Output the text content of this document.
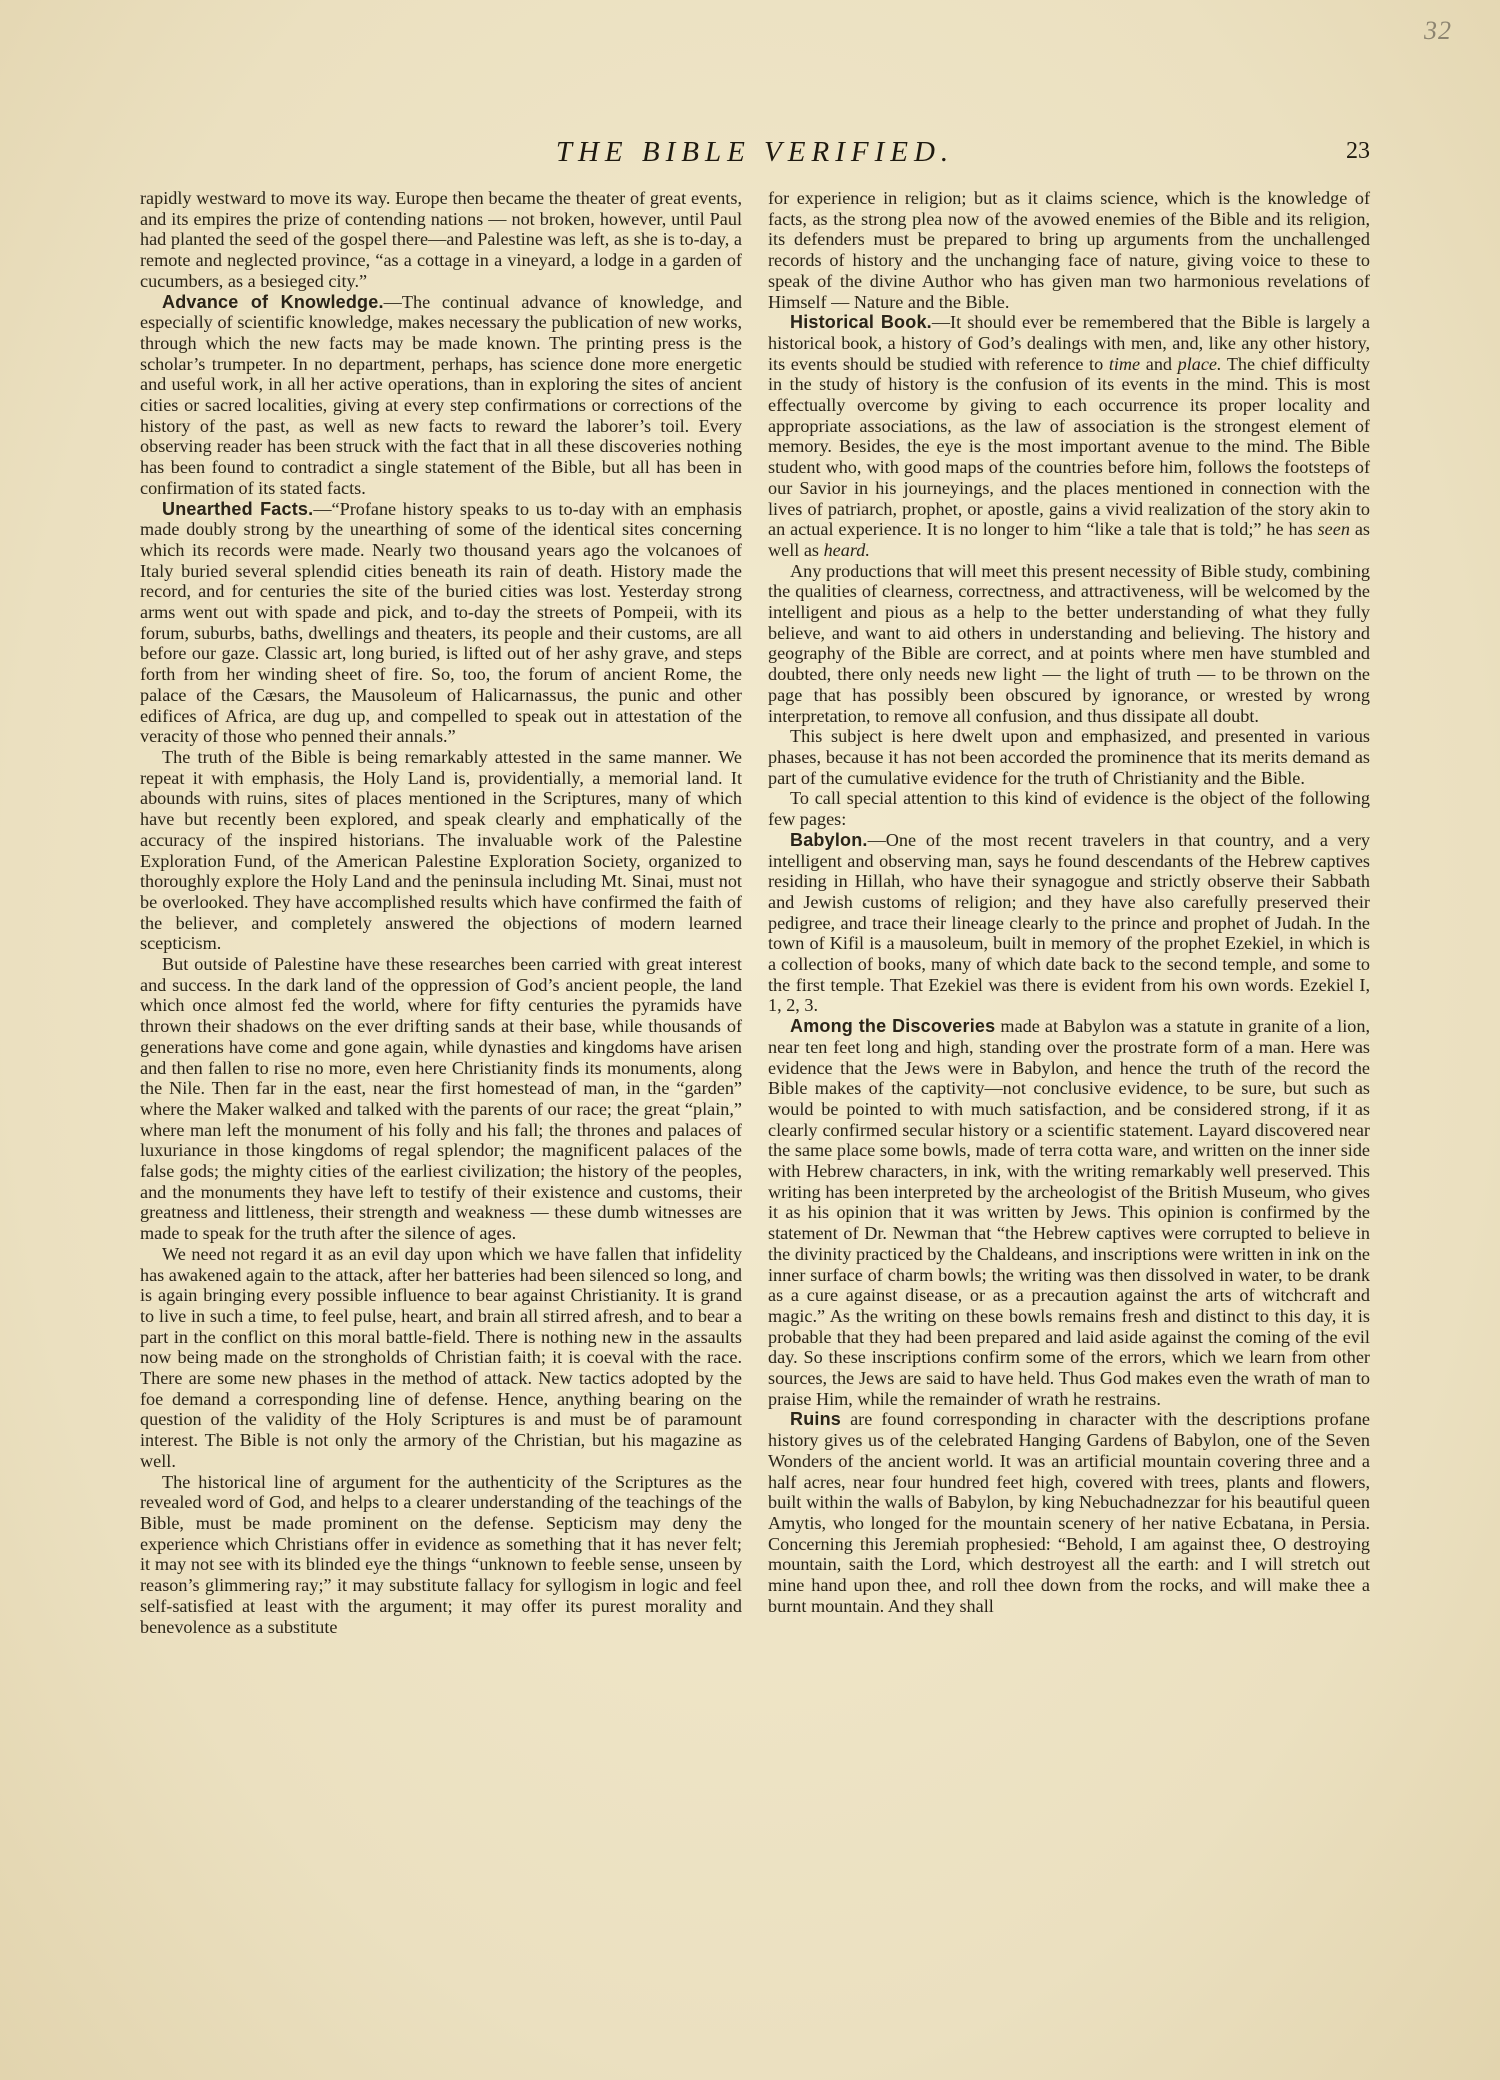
32
THE BIBLE VERIFIED.	23

rapidly westward to move its way. Europe then became the theater of great events, and its empires the prize of contending nations — not broken, however, until Paul had planted the seed of the gospel there—and Palestine was left, as she is to-day, a remote and neglected province, “as a cottage in a vineyard, a lodge in a garden of cucumbers, as a besieged city.”

Advance of Knowledge.—The continual advance of knowledge, and especially of scientific knowledge, makes necessary the publication of new works, through which the new facts may be made known. The printing press is the scholar’s trumpeter. In no department, perhaps, has science done more energetic and useful work, in all her active operations, than in exploring the sites of ancient cities or sacred localities, giving at every step confirmations or corrections of the history of the past, as well as new facts to reward the laborer’s toil. Every observing reader has been struck with the fact that in all these discoveries nothing has been found to contradict a single statement of the Bible, but all has been in confirmation of its stated facts.

Unearthed Facts.—“Profane history speaks to us to-day with an emphasis made doubly strong by the unearthing of some of the identical sites concerning which its records were made. Nearly two thousand years ago the volcanoes of Italy buried several splendid cities beneath its rain of death. History made the record, and for centuries the site of the buried cities was lost. Yesterday strong arms went out with spade and pick, and to-day the streets of Pompeii, with its forum, suburbs, baths, dwellings and theaters, its people and their customs, are all before our gaze. Classic art, long buried, is lifted out of her ashy grave, and steps forth from her winding sheet of fire. So, too, the forum of ancient Rome, the palace of the Cæsars, the Mausoleum of Halicarnassus, the punic and other edifices of Africa, are dug up, and compelled to speak out in attestation of the veracity of those who penned their annals.”

The truth of the Bible is being remarkably attested in the same manner. We repeat it with emphasis, the Holy Land is, providentially, a memorial land. It abounds with ruins, sites of places mentioned in the Scriptures, many of which have but recently been explored, and speak clearly and emphatically of the accuracy of the inspired historians. The invaluable work of the Palestine Exploration Fund, of the American Palestine Exploration Society, organized to thoroughly explore the Holy Land and the peninsula including Mt. Sinai, must not be overlooked. They have accomplished results which have confirmed the faith of the believer, and completely answered the objections of modern learned scepticism.

But outside of Palestine have these researches been carried with great interest and success. In the dark land of the oppression of God’s ancient people, the land which once almost fed the world, where for fifty centuries the pyramids have thrown their shadows on the ever drifting sands at their base, while thousands of generations have come and gone again, while dynasties and kingdoms have arisen and then fallen to rise no more, even here Christianity finds its monuments, along the Nile. Then far in the east, near the first homestead of man, in the “garden” where the Maker walked and talked with the parents of our race; the great “plain,” where man left the monument of his folly and his fall; the thrones and palaces of luxuriance in those kingdoms of regal splendor; the magnificent palaces of the false gods; the mighty cities of the earliest civilization; the history of the peoples, and the monuments they have left to testify of their existence and customs, their greatness and littleness, their strength and weakness — these dumb witnesses are made to speak for the truth after the silence of ages.

We need not regard it as an evil day upon which we have fallen that infidelity has awakened again to the attack, after her batteries had been silenced so long, and is again bringing every possible influence to bear against Christianity. It is grand to live in such a time, to feel pulse, heart, and brain all stirred afresh, and to bear a part in the conflict on this moral battle-field. There is nothing new in the assaults now being made on the strongholds of Christian faith; it is coeval with the race. There are some new phases in the method of attack. New tactics adopted by the foe demand a corresponding line of defense. Hence, anything bearing on the question of the validity of the Holy Scriptures is and must be of paramount interest. The Bible is not only the armory of the Christian, but his magazine as well.

The historical line of argument for the authenticity of the Scriptures as the revealed word of God, and helps to a clearer understanding of the teachings of the Bible, must be made prominent on the defense. Septicism may deny the experience which Christians offer in evidence as something that it has never felt; it may not see with its blinded eye the things “unknown to feeble sense, unseen by reason’s glimmering ray;” it may substitute fallacy for syllogism in logic and feel self-satisfied at least with the argument; it may offer its purest morality and benevolence as a substitute

for experience in religion; but as it claims science, which is the knowledge of facts, as the strong plea now of the avowed enemies of the Bible and its religion, its defenders must be prepared to bring up arguments from the unchallenged records of history and the unchanging face of nature, giving voice to these to speak of the divine Author who has given man two harmonious revelations of Himself — Nature and the Bible.

Historical Book.—It should ever be remembered that the Bible is largely a historical book, a history of God’s dealings with men, and, like any other history, its events should be studied with reference to time and place. The chief difficulty in the study of history is the confusion of its events in the mind. This is most effectually overcome by giving to each occurrence its proper locality and appropriate associations, as the law of association is the strongest element of memory. Besides, the eye is the most important avenue to the mind. The Bible student who, with good maps of the countries before him, follows the footsteps of our Savior in his journeyings, and the places mentioned in connection with the lives of patriarch, prophet, or apostle, gains a vivid realization of the story akin to an actual experience. It is no longer to him “like a tale that is told;” he has seen as well as heard.

Any productions that will meet this present necessity of Bible study, combining the qualities of clearness, correctness, and attractiveness, will be welcomed by the intelligent and pious as a help to the better understanding of what they fully believe, and want to aid others in understanding and believing. The history and geography of the Bible are correct, and at points where men have stumbled and doubted, there only needs new light — the light of truth — to be thrown on the page that has possibly been obscured by ignorance, or wrested by wrong interpretation, to remove all confusion, and thus dissipate all doubt.

This subject is here dwelt upon and emphasized, and presented in various phases, because it has not been accorded the prominence that its merits demand as part of the cumulative evidence for the truth of Christianity and the Bible.

To call special attention to this kind of evidence is the object of the following few pages:

Babylon.—One of the most recent travelers in that country, and a very intelligent and observing man, says he found descendants of the Hebrew captives residing in Hillah, who have their synagogue and strictly observe their Sabbath and Jewish customs of religion; and they have also carefully preserved their pedigree, and trace their lineage clearly to the prince and prophet of Judah. In the town of Kifil is a mausoleum, built in memory of the prophet Ezekiel, in which is a collection of books, many of which date back to the second temple, and some to the first temple. That Ezekiel was there is evident from his own words. Ezekiel I, 1, 2, 3.

Among the Discoveries made at Babylon was a statute in granite of a lion, near ten feet long and high, standing over the prostrate form of a man. Here was evidence that the Jews were in Babylon, and hence the truth of the record the Bible makes of the captivity—not conclusive evidence, to be sure, but such as would be pointed to with much satisfaction, and be considered strong, if it as clearly confirmed secular history or a scientific statement. Layard discovered near the same place some bowls, made of terra cotta ware, and written on the inner side with Hebrew characters, in ink, with the writing remarkably well preserved. This writing has been interpreted by the archeologist of the British Museum, who gives it as his opinion that it was written by Jews. This opinion is confirmed by the statement of Dr. Newman that “the Hebrew captives were corrupted to believe in the divinity practiced by the Chaldeans, and inscriptions were written in ink on the inner surface of charm bowls; the writing was then dissolved in water, to be drank as a cure against disease, or as a precaution against the arts of witchcraft and magic.” As the writing on these bowls remains fresh and distinct to this day, it is probable that they had been prepared and laid aside against the coming of the evil day. So these inscriptions confirm some of the errors, which we learn from other sources, the Jews are said to have held. Thus God makes even the wrath of man to praise Him, while the remainder of wrath he restrains.

Ruins are found corresponding in character with the descriptions profane history gives us of the celebrated Hanging Gardens of Babylon, one of the Seven Wonders of the ancient world. It was an artificial mountain covering three and a half acres, near four hundred feet high, covered with trees, plants and flowers, built within the walls of Babylon, by king Nebuchadnezzar for his beautiful queen Amytis, who longed for the mountain scenery of her native Ecbatana, in Persia. Concerning this Jeremiah prophesied: “Behold, I am against thee, O destroying mountain, saith the Lord, which destroyest all the earth: and I will stretch out mine hand upon thee, and roll thee down from the rocks, and will make thee a burnt mountain. And they shall
